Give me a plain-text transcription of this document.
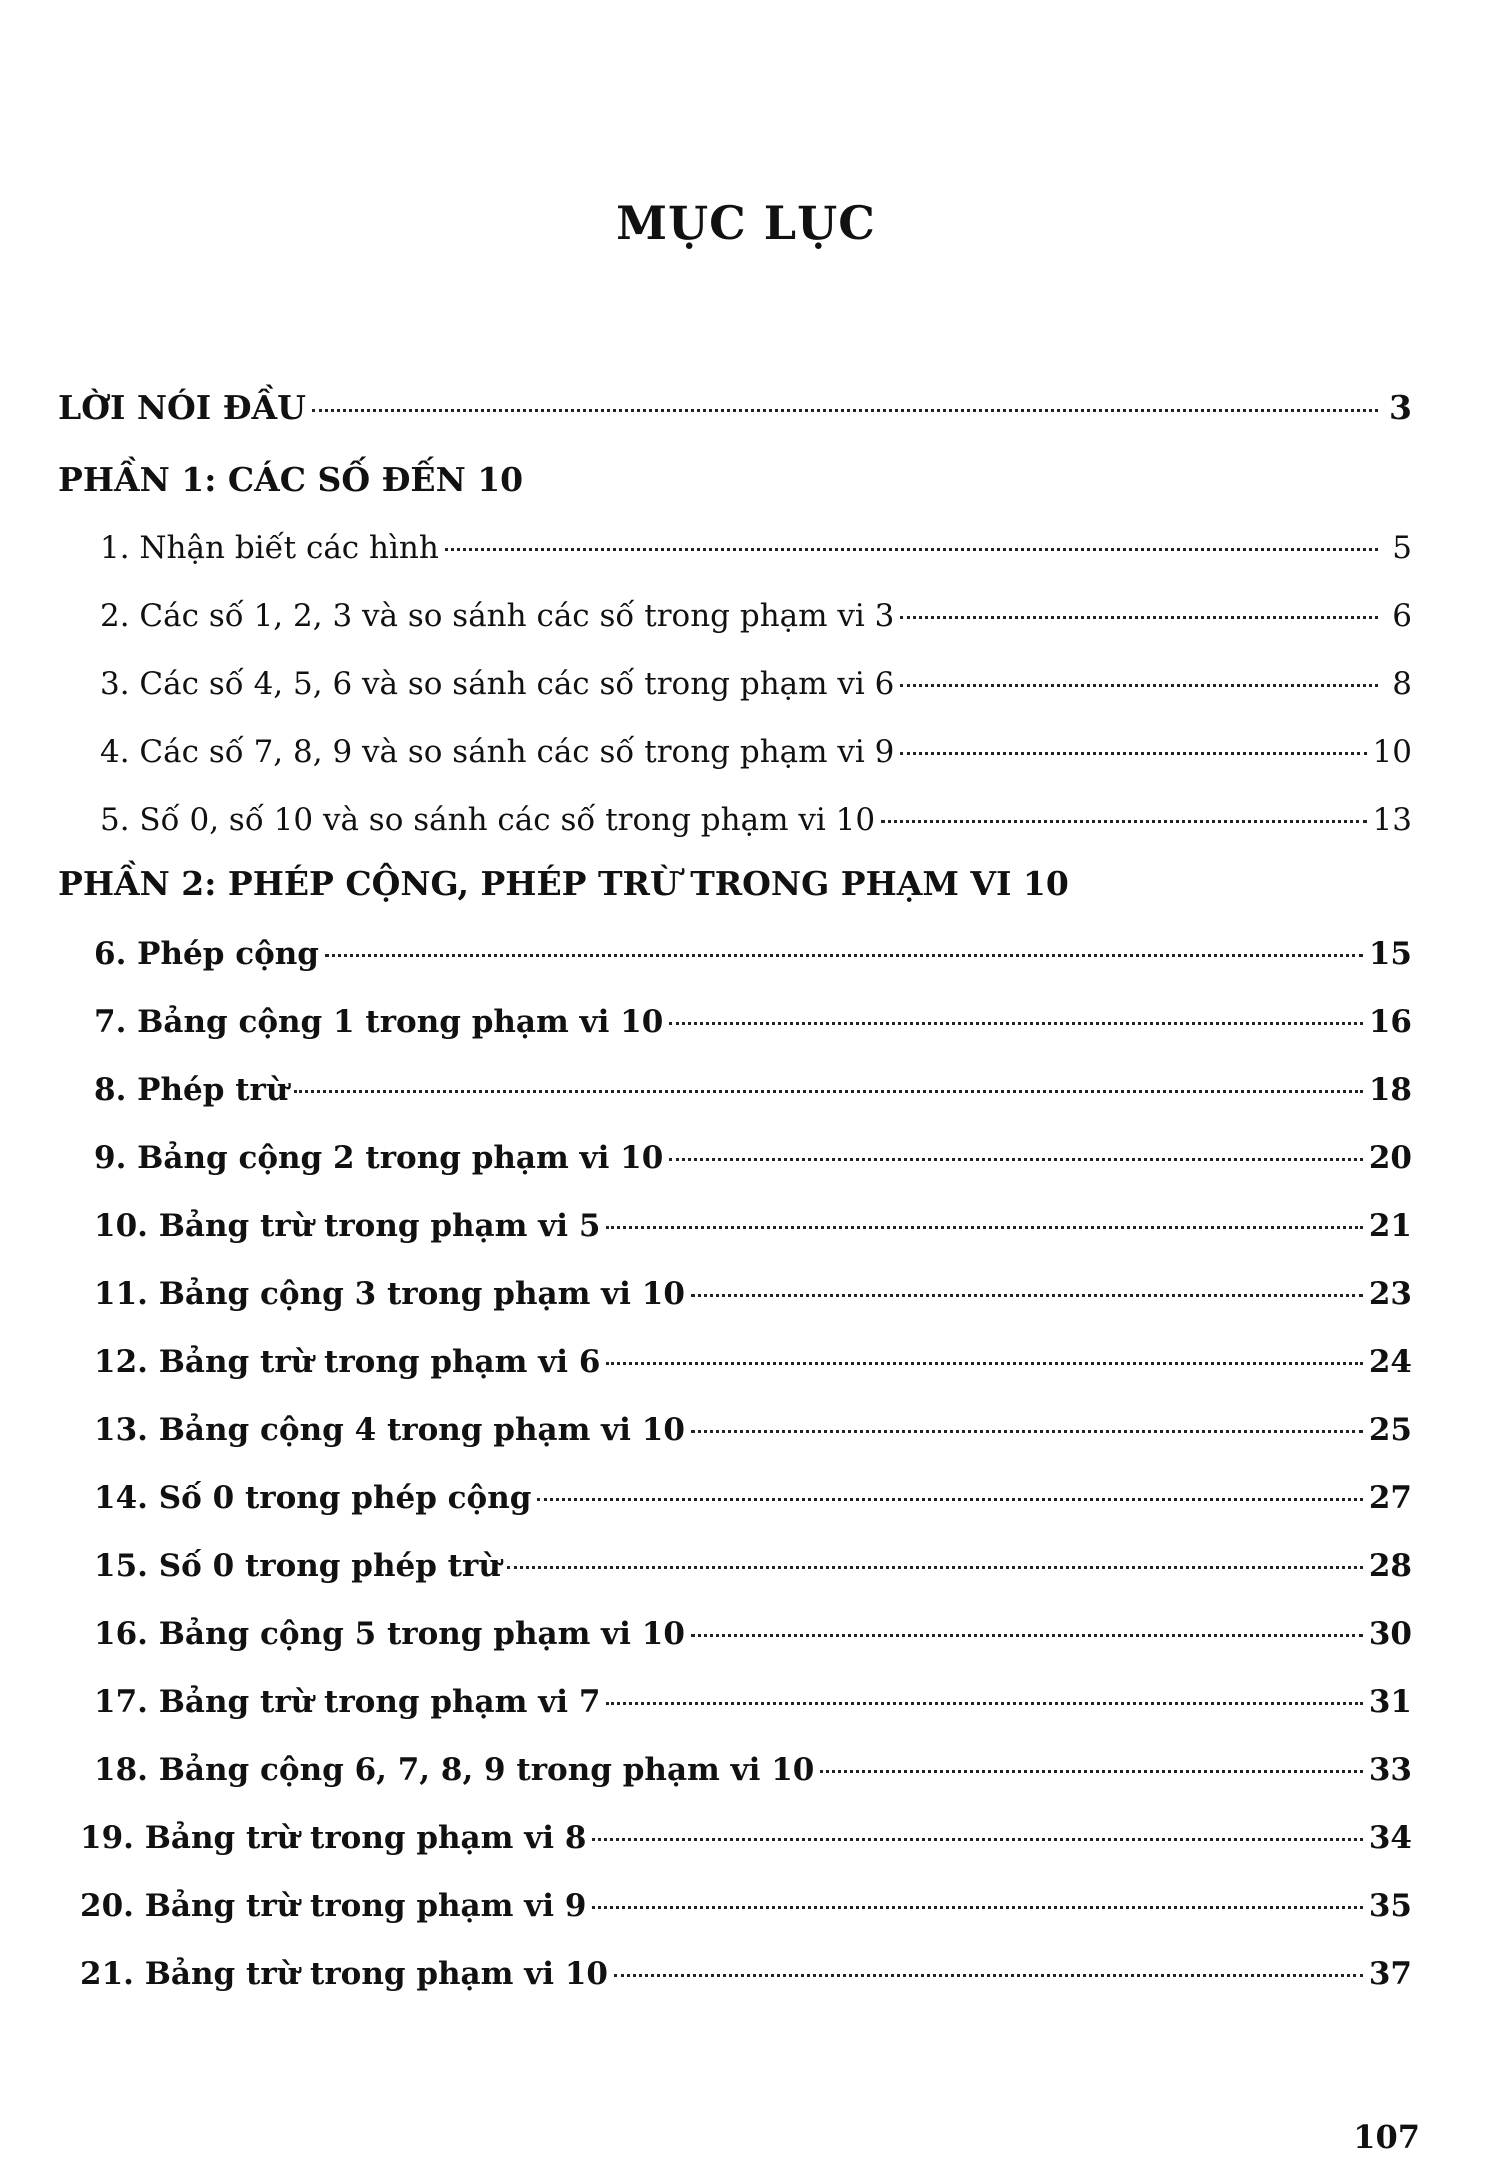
MỤC LỤC
LỜI NÓI ĐẦU	3
PHẦN 1: CÁC SỐ ĐẾN 10
1. Nhận biết các hình	5
2. Các số 1, 2, 3 và so sánh các số trong phạm vi 3	6
3. Các số 4, 5, 6 và so sánh các số trong phạm vi 6	8
4. Các số 7, 8, 9 và so sánh các số trong phạm vi 9	10
5. Số 0, số 10 và so sánh các số trong phạm vi 10	13
PHẦN 2: PHÉP CỘNG, PHÉP TRỪ TRONG PHẠM VI 10
6. Phép cộng	15
7. Bảng cộng 1 trong phạm vi 10	16
8. Phép trừ	18
9. Bảng cộng 2 trong phạm vi 10	20
10. Bảng trừ trong phạm vi 5	21
11. Bảng cộng 3 trong phạm vi 10	23
12. Bảng trừ trong phạm vi 6	24
13. Bảng cộng 4 trong phạm vi 10	25
14. Số 0 trong phép cộng	27
15. Số 0 trong phép trừ	28
16. Bảng cộng 5 trong phạm vi 10	30
17. Bảng trừ trong phạm vi 7	31
18. Bảng cộng 6, 7, 8, 9 trong phạm vi 10	33
19. Bảng trừ trong phạm vi 8	34
20. Bảng trừ trong phạm vi 9	35
21. Bảng trừ trong phạm vi 10	37
107
